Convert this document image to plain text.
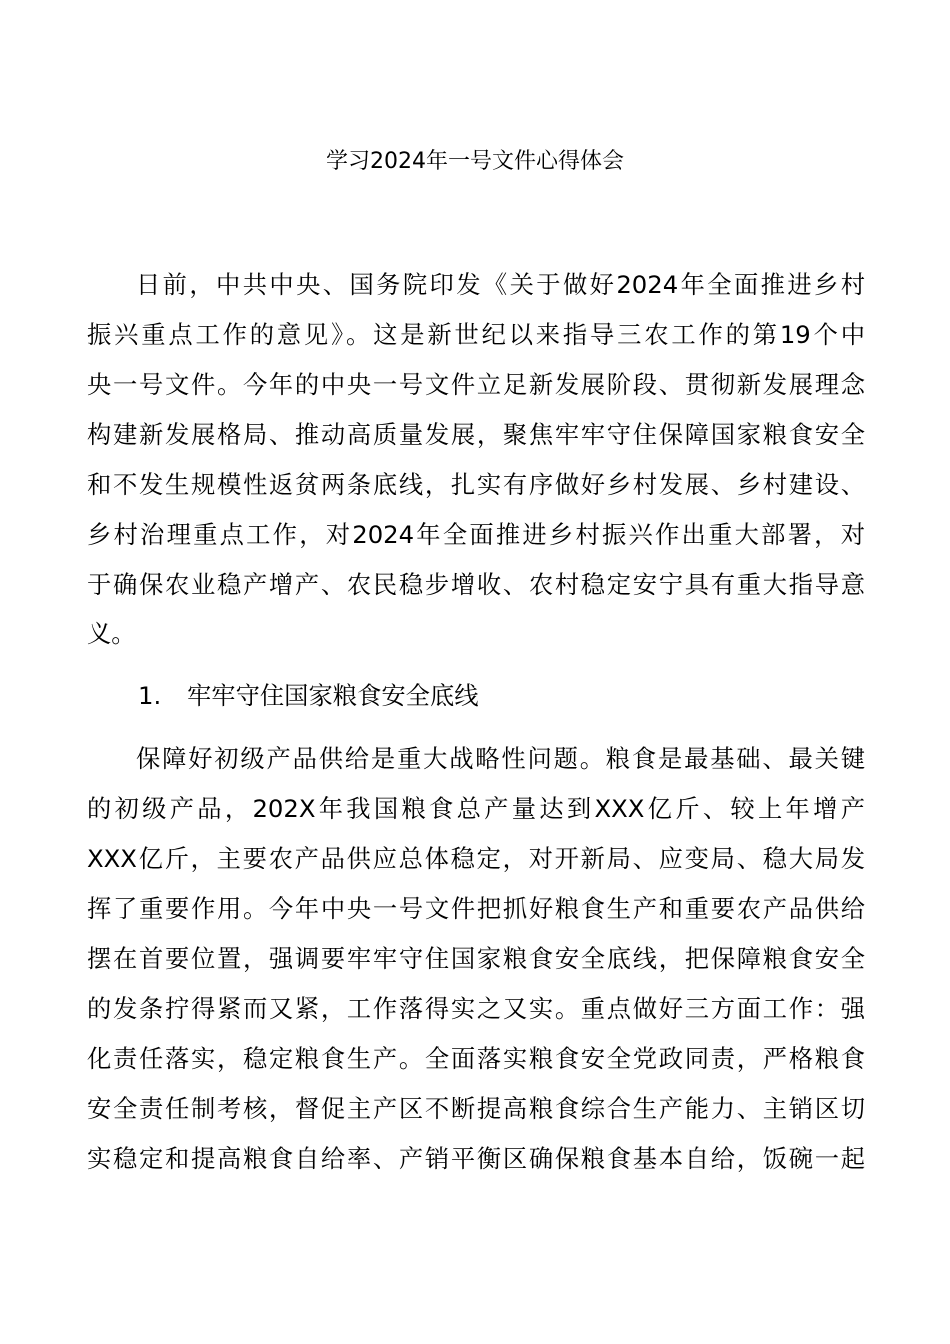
学习2024年一号文件心得体会
日前，中共中央、国务院印发《关于做好2024年全面推进乡村
振兴重点工作的意见》。这是新世纪以来指导三农工作的第19个中
央一号文件。今年的中央一号文件立足新发展阶段、贯彻新发展理念
构建新发展格局、推动高质量发展，聚焦牢牢守住保障国家粮食安全
和不发生规模性返贫两条底线，扎实有序做好乡村发展、乡村建设、
乡村治理重点工作，对2024年全面推进乡村振兴作出重大部署，对
于确保农业稳产增产、农民稳步增收、农村稳定安宁具有重大指导意
义。
1. 牢牢守住国家粮食安全底线
保障好初级产品供给是重大战略性问题。粮食是最基础、最关键
的初级产品，202X年我国粮食总产量达到XXX亿斤、较上年增产
XXX亿斤，主要农产品供应总体稳定，对开新局、应变局、稳大局发
挥了重要作用。今年中央一号文件把抓好粮食生产和重要农产品供给
摆在首要位置，强调要牢牢守住国家粮食安全底线，把保障粮食安全
的发条拧得紧而又紧，工作落得实之又实。重点做好三方面工作：强
化责任落实，稳定粮食生产。全面落实粮食安全党政同责，严格粮食
安全责任制考核，督促主产区不断提高粮食综合生产能力、主销区切
实稳定和提高粮食自给率、产销平衡区确保粮食基本自给，饭碗一起
